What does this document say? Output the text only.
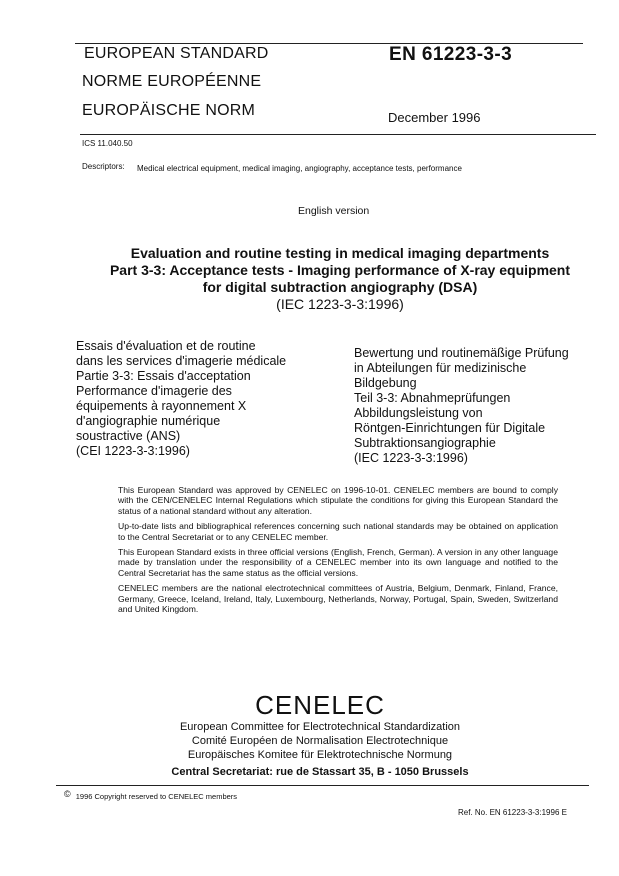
EUROPEAN STANDARD
NORME EUROPÉENNE
EUROPÄISCHE NORM
EN 61223-3-3
December 1996
ICS 11.040.50
Descriptors: Medical electrical equipment, medical imaging, angiography, acceptance tests, performance
English version
Evaluation and routine testing in medical imaging departments
Part 3-3: Acceptance tests - Imaging performance of X-ray equipment
for digital subtraction angiography (DSA)
(IEC 1223-3-3:1996)
Essais d'évaluation et de routine
dans les services d'imagerie médicale
Partie 3-3: Essais d'acceptation
Performance d'imagerie des
équipements à rayonnement X
d'angiographie numérique
soustractive (ANS)
(CEI 1223-3-3:1996)
Bewertung und routinemäßige Prüfung
in Abteilungen für medizinische
Bildgebung
Teil 3-3: Abnahmeprüfungen
Abbildungsleistung von
Röntgen-Einrichtungen für Digitale
Subtraktionsangiographie
(IEC 1223-3-3:1996)

This European Standard was approved by CENELEC on 1996-10-01. CENELEC members are bound to comply with the CEN/CENELEC Internal Regulations which stipulate the conditions for giving this European Standard the status of a national standard without any alteration.

Up-to-date lists and bibliographical references concerning such national standards may be obtained on application to the Central Secretariat or to any CENELEC member.

This European Standard exists in three official versions (English, French, German). A version in any other language made by translation under the responsibility of a CENELEC member into its own language and notified to the Central Secretariat has the same status as the official versions.

CENELEC members are the national electrotechnical committees of Austria, Belgium, Denmark, Finland, France, Germany, Greece, Iceland, Ireland, Italy, Luxembourg, Netherlands, Norway, Portugal, Spain, Sweden, Switzerland and United Kingdom.

CENELEC
European Committee for Electrotechnical Standardization
Comité Européen de Normalisation Electrotechnique
Europäisches Komitee für Elektrotechnische Normung
Central Secretariat: rue de Stassart 35, B - 1050 Brussels
© 1996 Copyright reserved to CENELEC members
Ref. No. EN 61223-3-3:1996 E
